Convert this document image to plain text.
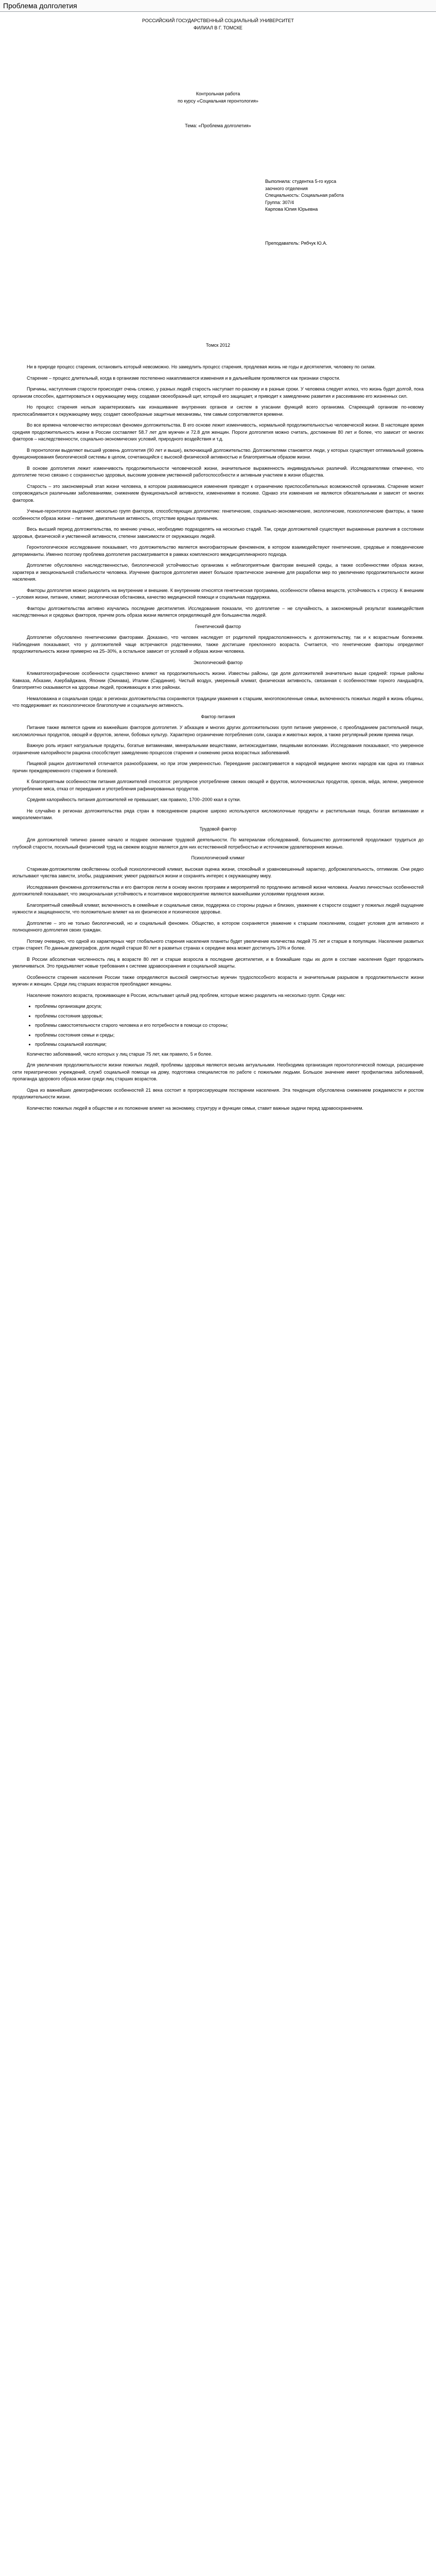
Проблема долголетия
РОССИЙСКИЙ ГОСУДАРСТВЕННЫЙ СОЦИАЛЬНЫЙ УНИВЕРСИТЕТ
ФИЛИАЛ В Г. ТОМСКЕ
Контрольная работа
по курсу «Социальная геронтология»
Тема: «Проблема долголетия»
Выполнила: студентка 5-го курса
заочного отделения
Специальность: Социальная работа
Группа: 307/4
Карпова Юлия Юрьевна
Преподаватель: Рябчук Ю.А.
Томск 2012

Ни в природе процесс старения, остановить который невозможно. Но замедлить процесс старения, продлевая жизнь не годы и десятилетия, человеку по силам.

Старение – процесс длительный, когда в организме постепенно накапливаются изменения и в дальнейшем проявляются как признаки старости.

Причины, наступления старости происходят очень сложно, у разных людей старость наступает по-разному и в разные сроки. У человека следует иллюз, что жизнь будет долгой, пока организм способен, адаптироваться к окружающему миру, создавая своеобразный щит, который его защищает, и приводит к замедлению развития и рассеиванию его жизненных сил.

Но процесс старения нельзя характеризовать как изнашивание внутренних органов и систем в угасании функций всего организма. Стареющий организм по-новому приспосабливается к окружающему миру, создает своеобразные защитные механизмы, тем самым сопротивляется времени.

Во все времена человечество интересовал феномен долгожительства. В его основе лежит изменчивость, нормальной продолжительностью человеческой жизни. В настоящее время средняя продолжительность жизни в России составляет 58.7 лет для мужчин и 72.8 для женщин. Пороги долголетия можно считать, достижение 80 лет и более, что зависит от многих факторов – наследственности, социально-экономических условий, природного воздействия и т.д.

В геронтологии выделяют высший уровень долголетия (90 лет и выше), включающий долгожительство. Долгожителями становятся люди, у которых существует оптимальный уровень функционирования биологической системы в целом, сочетающийся с высокой физической активностью и благоприятным образом жизни.

В основе долголетия лежит изменчивость продолжительности человеческой жизни, значительное выраженность индивидуальных различий. Исследователями отмечено, что долголетие тесно связано с сохранностью здоровья, высоким уровнем умственной работоспособности и активным участием в жизни общества.

Старость – это закономерный этап жизни человека, в котором развивающиеся изменения приводят к ограничению приспособительных возможностей организма. Старение может сопровождаться различными заболеваниями, снижением функциональной активности, изменениями в психике. Однако эти изменения не являются обязательными и зависят от многих факторов.

Ученые-геронтологи выделяют несколько групп факторов, способствующих долголетию: генетические, социально-экономические, экологические, психологические факторы, а также особенности образа жизни – питание, двигательная активность, отсутствие вредных привычек.

Весь высший период долгожительства, по мнению ученых, необходимо подразделять на несколько стадий. Так, среди долгожителей существуют выраженные различия в состоянии здоровья, физической и умственной активности, степени зависимости от окружающих людей.

Геронтологическое исследование показывает, что долгожительство является многофакторным феноменом, в котором взаимодействуют генетические, средовые и поведенческие детерминанты. Именно поэтому проблема долголетия рассматривается в рамках комплексного междисциплинарного подхода.

Долголетие обусловлено наследственностью, биологической устойчивостью организма к неблагоприятным факторам внешней среды, а также особенностями образа жизни, характера и эмоциональной стабильности человека. Изучение факторов долголетия имеет большое практическое значение для разработки мер по увеличению продолжительности жизни населения.

Факторы долголетия можно разделить на внутренние и внешние. К внутренним относятся генетическая программа, особенности обмена веществ, устойчивость к стрессу. К внешним – условия жизни, питание, климат, экологическая обстановка, качество медицинской помощи и социальная поддержка.

Факторы долгожительства активно изучались последние десятилетия. Исследования показали, что долголетие – не случайность, а закономерный результат взаимодействия наследственных и средовых факторов, причем роль образа жизни является определяющей для большинства людей.

Генетический фактор

Долголетие обусловлено генетическими факторами. Доказано, что человек наследует от родителей предрасположенность к долгожительству, так и к возрастным болезням. Наблюдения показывают, что у долгожителей чаще встречаются родственники, также достигшие преклонного возраста. Считается, что генетические факторы определяют продолжительность жизни примерно на 25–30%, а остальное зависит от условий и образа жизни человека.

Экологический фактор

Климатогеографические особенности существенно влияют на продолжительность жизни. Известны районы, где доля долгожителей значительно выше средней: горные районы Кавказа, Абхазии, Азербайджана, Японии (Окинава), Италии (Сардиния). Чистый воздух, умеренный климат, физическая активность, связанная с особенностями горного ландшафта, благоприятно сказываются на здоровье людей, проживающих в этих районах.

Немаловажна и социальная среда: в регионах долгожительства сохраняются традиции уважения к старшим, многопоколенные семьи, включенность пожилых людей в жизнь общины, что поддерживает их психологическое благополучие и социальную активность.

Фактор питания

Питание также является одним из важнейших факторов долголетия. У абхазцев и многих других долгожительских групп питание умеренное, с преобладанием растительной пищи, кисломолочных продуктов, овощей и фруктов, зелени, бобовых культур. Характерно ограничение потребления соли, сахара и животных жиров, а также регулярный режим приема пищи.

Важную роль играют натуральные продукты, богатые витаминами, минеральными веществами, антиоксидантами, пищевыми волокнами. Исследования показывают, что умеренное ограничение калорийности рациона способствует замедлению процессов старения и снижению риска возрастных заболеваний.

Пищевой рацион долгожителей отличается разнообразием, но при этом умеренностью. Переедание рассматривается в народной медицине многих народов как одна из главных причин преждевременного старения и болезней.

К благоприятным особенностям питания долгожителей относятся: регулярное употребление свежих овощей и фруктов, молочнокислых продуктов, орехов, мёда, зелени, умеренное употребление мяса, отказ от переедания и употребления рафинированных продуктов.

Средняя калорийность питания долгожителей не превышает, как правило, 1700–2000 ккал в сутки.

Не случайно в регионах долгожительства ряда стран в повседневном рационе широко используются кисломолочные продукты и растительная пища, богатая витаминами и микроэлементами.

Трудовой фактор

Для долгожителей типично раннее начало и позднее окончание трудовой деятельности. По материалам обследований, большинство долгожителей продолжают трудиться до глубокой старости, посильный физический труд на свежем воздухе является для них естественной потребностью и источником удовлетворения жизнью.

Психологический климат

Старикам-долгожителям свойственны особый психологический климат, высокая оценка жизни, спокойный и уравновешенный характер, доброжелательность, оптимизм. Они редко испытывают чувства зависти, злобы, раздражения; умеют радоваться жизни и сохранять интерес к окружающему миру.

Исследования феномена долгожительства и его факторов легли в основу многих программ и мероприятий по продлению активной жизни человека. Анализ личностных особенностей долгожителей показывает, что эмоциональная устойчивость и позитивное мировосприятие являются важнейшими условиями продления жизни.

Благоприятный семейный климат, включенность в семейные и социальные связи, поддержка со стороны родных и близких, уважение к старости создают у пожилых людей ощущение нужности и защищенности, что положительно влияет на их физическое и психическое здоровье.

Долголетие – это не только биологический, но и социальный феномен. Общество, в котором сохраняется уважение к старшим поколениям, создает условия для активного и полноценного долголетия своих граждан.

Потому очевидно, что одной из характерных черт глобального старения населения планеты будет увеличение количества людей 75 лет и старше в популяции. Население развитых стран стареет. По данным демографов, доля людей старше 80 лет в развитых странах к середине века может достигнуть 10% и более.

В России абсолютная численность лиц в возрасте 80 лет и старше возросла в последние десятилетия, и в ближайшие годы их доля в составе населения будет продолжать увеличиваться. Это предъявляет новые требования к системе здравоохранения и социальной защиты.

Особенности старения населения России также определяются высокой смертностью мужчин трудоспособного возраста и значительным разрывом в продолжительности жизни мужчин и женщин. Среди лиц старших возрастов преобладают женщины.

Население пожилого возраста, проживающее в России, испытывает целый ряд проблем, которые можно разделить на несколько групп. Среди них:

• проблемы организации досуга;
• проблемы состояния здоровья;
• проблемы самостоятельности старого человека и его потребности в помощи со стороны;
• проблемы состояния семьи и среды;
• проблемы социальной изоляции;

Количество заболеваний, число которых у лиц старше 75 лет, как правило, 5 и более.

Для увеличения продолжительности жизни пожилых людей, проблемы здоровья являются весьма актуальными. Необходима организация геронтологической помощи, расширение сети гериатрических учреждений, служб социальной помощи на дому, подготовка специалистов по работе с пожилыми людьми. Большое значение имеет профилактика заболеваний, пропаганда здорового образа жизни среди лиц старших возрастов.

Одна из важнейших демографических особенностей 21 века состоит в прогрессирующем постарении населения. Эта тенденция обусловлена снижением рождаемости и ростом продолжительности жизни.

Количество пожилых людей в обществе и их положение влияет на экономику, структуру и функции семьи, ставит важные задачи перед здравоохранением.
